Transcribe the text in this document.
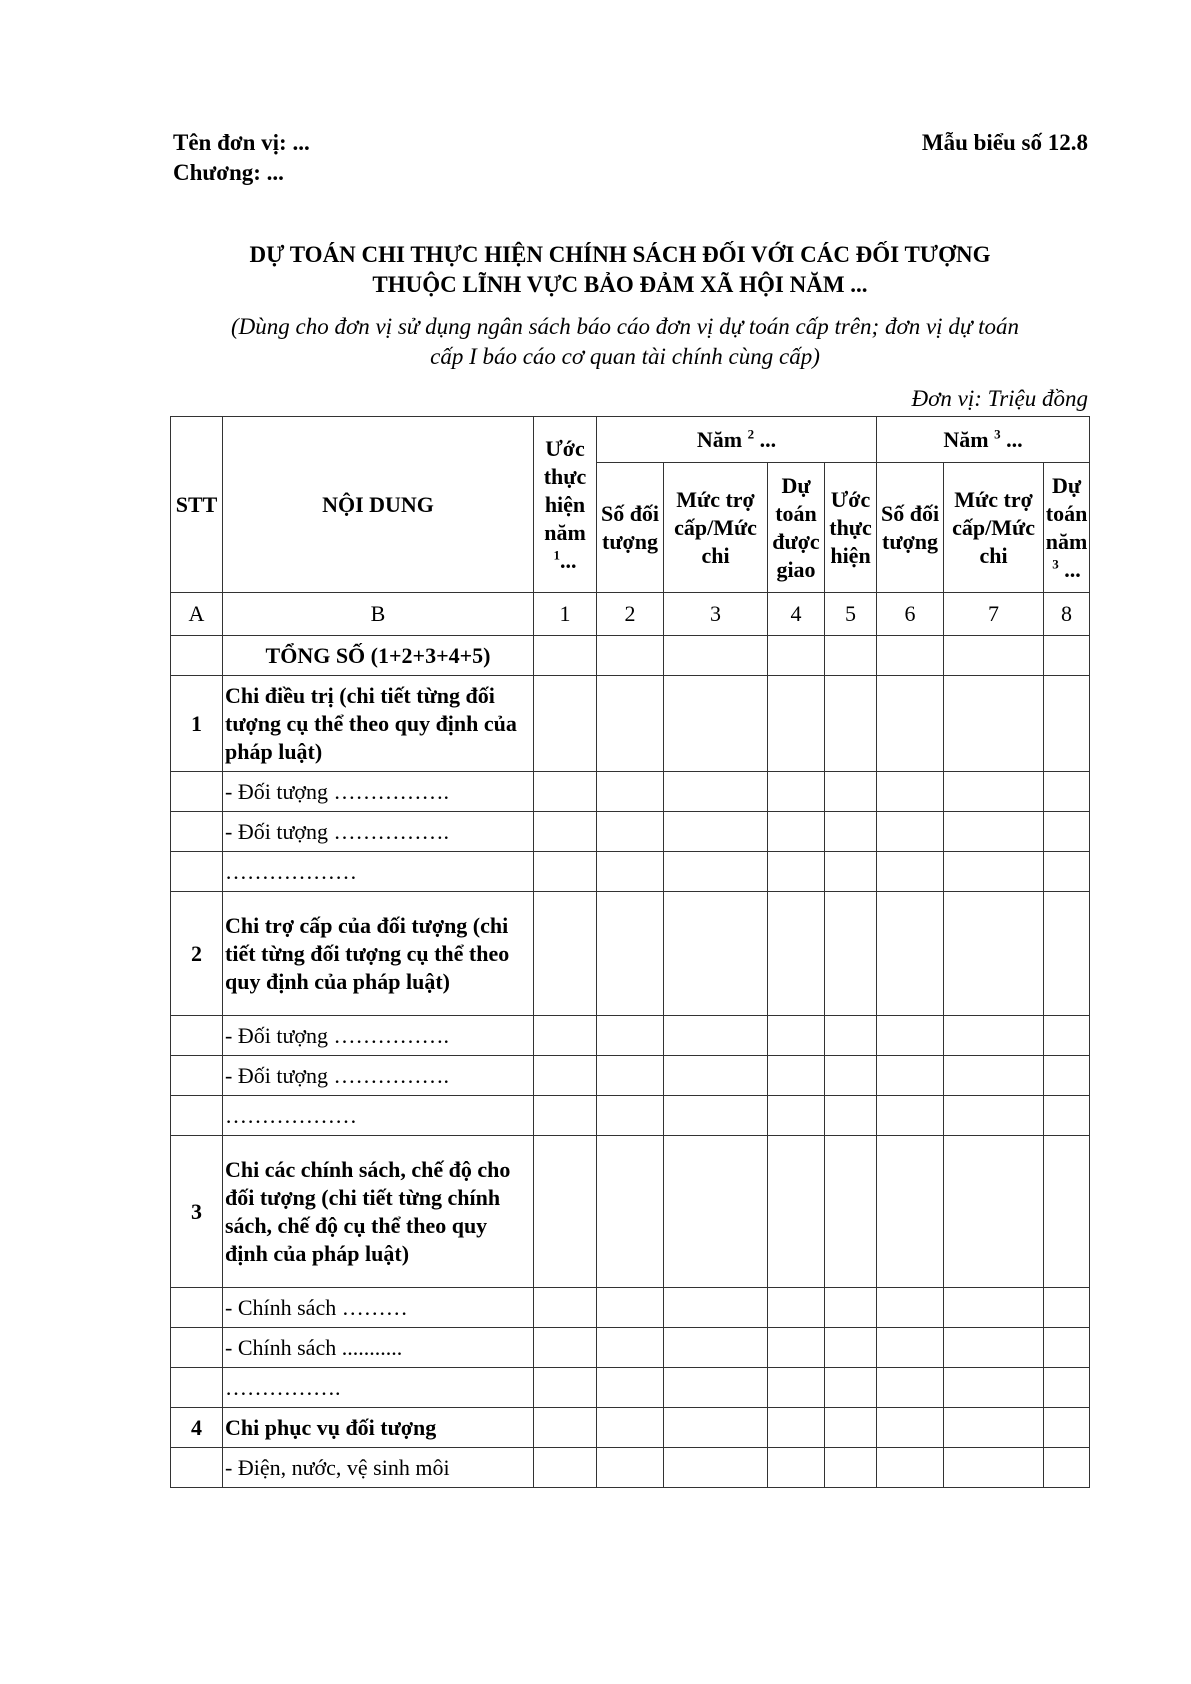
Tên đơn vị: ...
Chương: ...
Mẫu biểu số 12.8
DỰ TOÁN CHI THỰC HIỆN CHÍNH SÁCH ĐỐI VỚI CÁC ĐỐI TƯỢNG
THUỘC LĨNH VỰC BẢO ĐẢM XÃ HỘI NĂM ...
(Dùng cho đơn vị sử dụng ngân sách báo cáo đơn vị dự toán cấp trên; đơn vị dự toán
cấp I báo cáo cơ quan tài chính cùng cấp)
Đơn vị: Triệu đồng
STT	NỘI DUNG	Ước thực hiện năm $^1$...	Năm $^2$ ...				Năm $^3$ ...		
			Số đối tượng	Mức trợ cấp/Mức chi	Dự toán được giao	Ước thực hiện	Số đối tượng	Mức trợ cấp/Mức chi	Dự toán năm $^3$ ...
A	B	1	2	3	4	5	6	7	8
	TỔNG SỐ (1+2+3+4+5)								
1	Chi điều trị (chi tiết từng đối tượng cụ thể theo quy định của pháp luật)								
	- Đối tượng …………….								
	- Đối tượng …………….								
	………………								
2	Chi trợ cấp của đối tượng (chi tiết từng đối tượng cụ thể theo quy định của pháp luật)								
	- Đối tượng …………….								
	- Đối tượng …………….								
	………………								
3	Chi các chính sách, chế độ cho đối tượng (chi tiết từng chính sách, chế độ cụ thể theo quy định của pháp luật)								
	- Chính sách ………								
	- Chính sách ...........								
	…………….								
4	Chi phục vụ đối tượng								
	- Điện, nước, vệ sinh môi								
